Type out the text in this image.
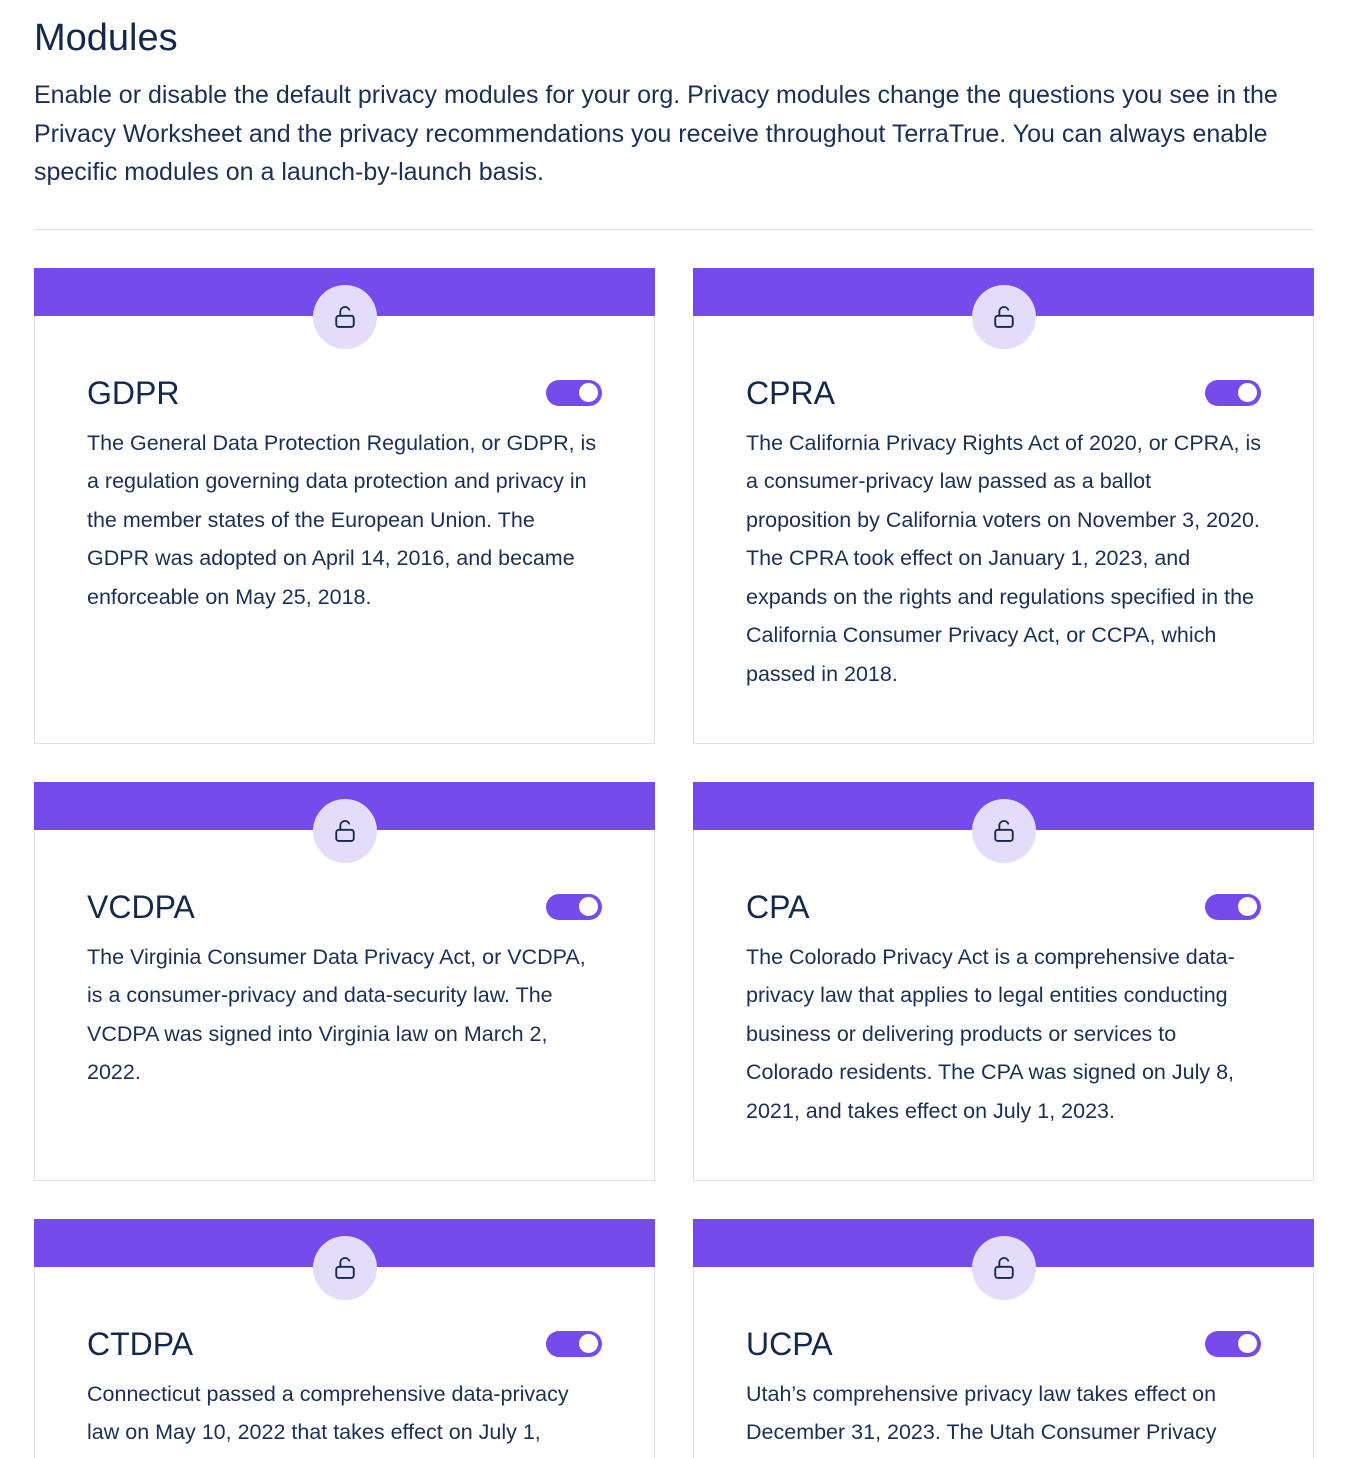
Modules

Enable or disable the default privacy modules for your org. Privacy modules change the questions you see in the Privacy Worksheet and the privacy recommendations you receive throughout TerraTrue. You can always enable specific modules on a launch-by-launch basis.

GDPR
The General Data Protection Regulation, or GDPR, is a regulation governing data protection and privacy in the member states of the European Union. The GDPR was adopted on April 14, 2016, and became enforceable on May 25, 2018.
CPRA
The California Privacy Rights Act of 2020, or CPRA, is a consumer-privacy law passed as a ballot proposition by California voters on November 3, 2020. The CPRA took effect on January 1, 2023, and expands on the rights and regulations specified in the California Consumer Privacy Act, or CCPA, which passed in 2018.
VCDPA
The Virginia Consumer Data Privacy Act, or VCDPA, is a consumer-privacy and data-security law. The VCDPA was signed into Virginia law on March 2, 2022.
CPA
The Colorado Privacy Act is a comprehensive data-privacy law that applies to legal entities conducting business or delivering products or services to Colorado residents. The CPA was signed on July 8, 2021, and takes effect on July 1, 2023.
CTDPA
Connecticut passed a comprehensive data-privacy law on May 10, 2022 that takes effect on July 1,
UCPA
Utah’s comprehensive privacy law takes effect on December 31, 2023. The Utah Consumer Privacy
